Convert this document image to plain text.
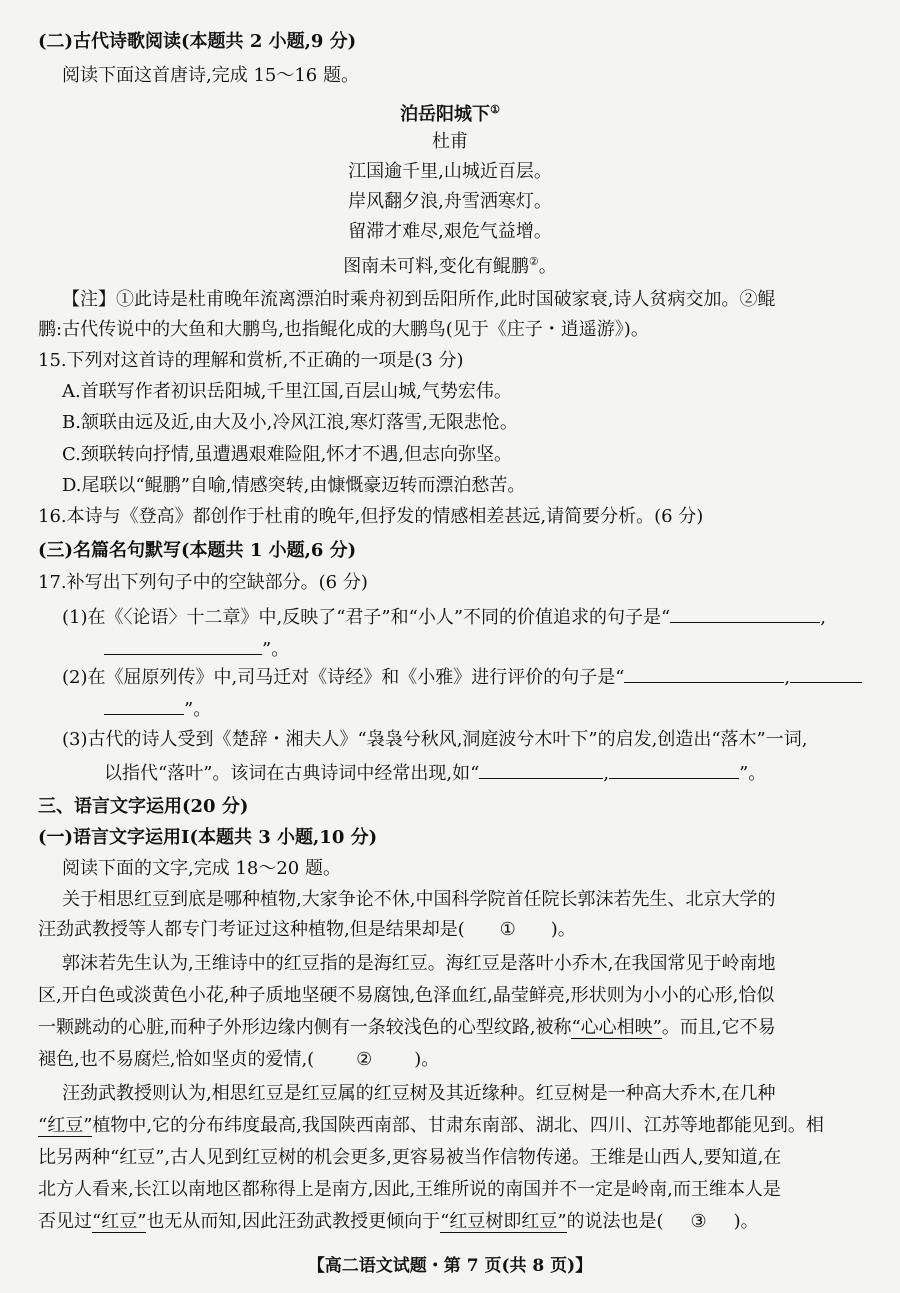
(二)古代诗歌阅读(本题共 2 小题,9 分)
阅读下面这首唐诗,完成 15～16 题。
泊岳阳城下①
杜甫
江国逾千里,山城近百层。
岸风翻夕浪,舟雪洒寒灯。
留滞才难尽,艰危气益增。
图南未可料,变化有鲲鹏②。
【注】①此诗是杜甫晚年流离漂泊时乘舟初到岳阳所作,此时国破家衰,诗人贫病交加。②鲲
鹏:古代传说中的大鱼和大鹏鸟,也指鲲化成的大鹏鸟(见于《庄子・逍遥游》)。
15.下列对这首诗的理解和赏析,不正确的一项是(3 分)
A.首联写作者初识岳阳城,千里江国,百层山城,气势宏伟。
B.颔联由远及近,由大及小,冷风江浪,寒灯落雪,无限悲怆。
C.颈联转向抒情,虽遭遇艰难险阻,怀才不遇,但志向弥坚。
D.尾联以“鲲鹏”自喻,情感突转,由慷慨豪迈转而漂泊愁苦。
16.本诗与《登高》都创作于杜甫的晚年,但抒发的情感相差甚远,请简要分析。(6 分)
(三)名篇名句默写(本题共 1 小题,6 分)
17.补写出下列句子中的空缺部分。(6 分)
(1)在《〈论语〉十二章》中,反映了“君子”和“小人”不同的价值追求的句子是“	,
”。
(2)在《屈原列传》中,司马迁对《诗经》和《小雅》进行评价的句子是“	,
”。
(3)古代的诗人受到《楚辞・湘夫人》“袅袅兮秋风,洞庭波兮木叶下”的启发,创造出“落木”一词,
以指代“落叶”。该词在古典诗词中经常出现,如“	,	”。
三、语言文字运用(20 分)
(一)语言文字运用Ⅰ(本题共 3 小题,10 分)
阅读下面的文字,完成 18～20 题。
关于相思红豆到底是哪种植物,大家争论不休,中国科学院首任院长郭沫若先生、北京大学的
汪劲武教授等人都专门考证过这种植物,但是结果却是( ① )。
郭沫若先生认为,王维诗中的红豆指的是海红豆。海红豆是落叶小乔木,在我国常见于岭南地
区,开白色或淡黄色小花,种子质地坚硬不易腐蚀,色泽血红,晶莹鲜亮,形状则为小小的心形,恰似
一颗跳动的心脏,而种子外形边缘内侧有一条较浅色的心型纹路,被称“心心相映”。而且,它不易
褪色,也不易腐烂,恰如坚贞的爱情,( ② )。
汪劲武教授则认为,相思红豆是红豆属的红豆树及其近缘种。红豆树是一种高大乔木,在几种
“红豆”植物中,它的分布纬度最高,我国陕西南部、甘肃东南部、湖北、四川、江苏等地都能见到。相
比另两种“红豆”,古人见到红豆树的机会更多,更容易被当作信物传递。王维是山西人,要知道,在
北方人看来,长江以南地区都称得上是南方,因此,王维所说的南国并不一定是岭南,而王维本人是
否见过“红豆”也无从而知,因此汪劲武教授更倾向于“红豆树即红豆”的说法也是( ③ )。
【高二语文试题・第 7 页(共 8 页)】
